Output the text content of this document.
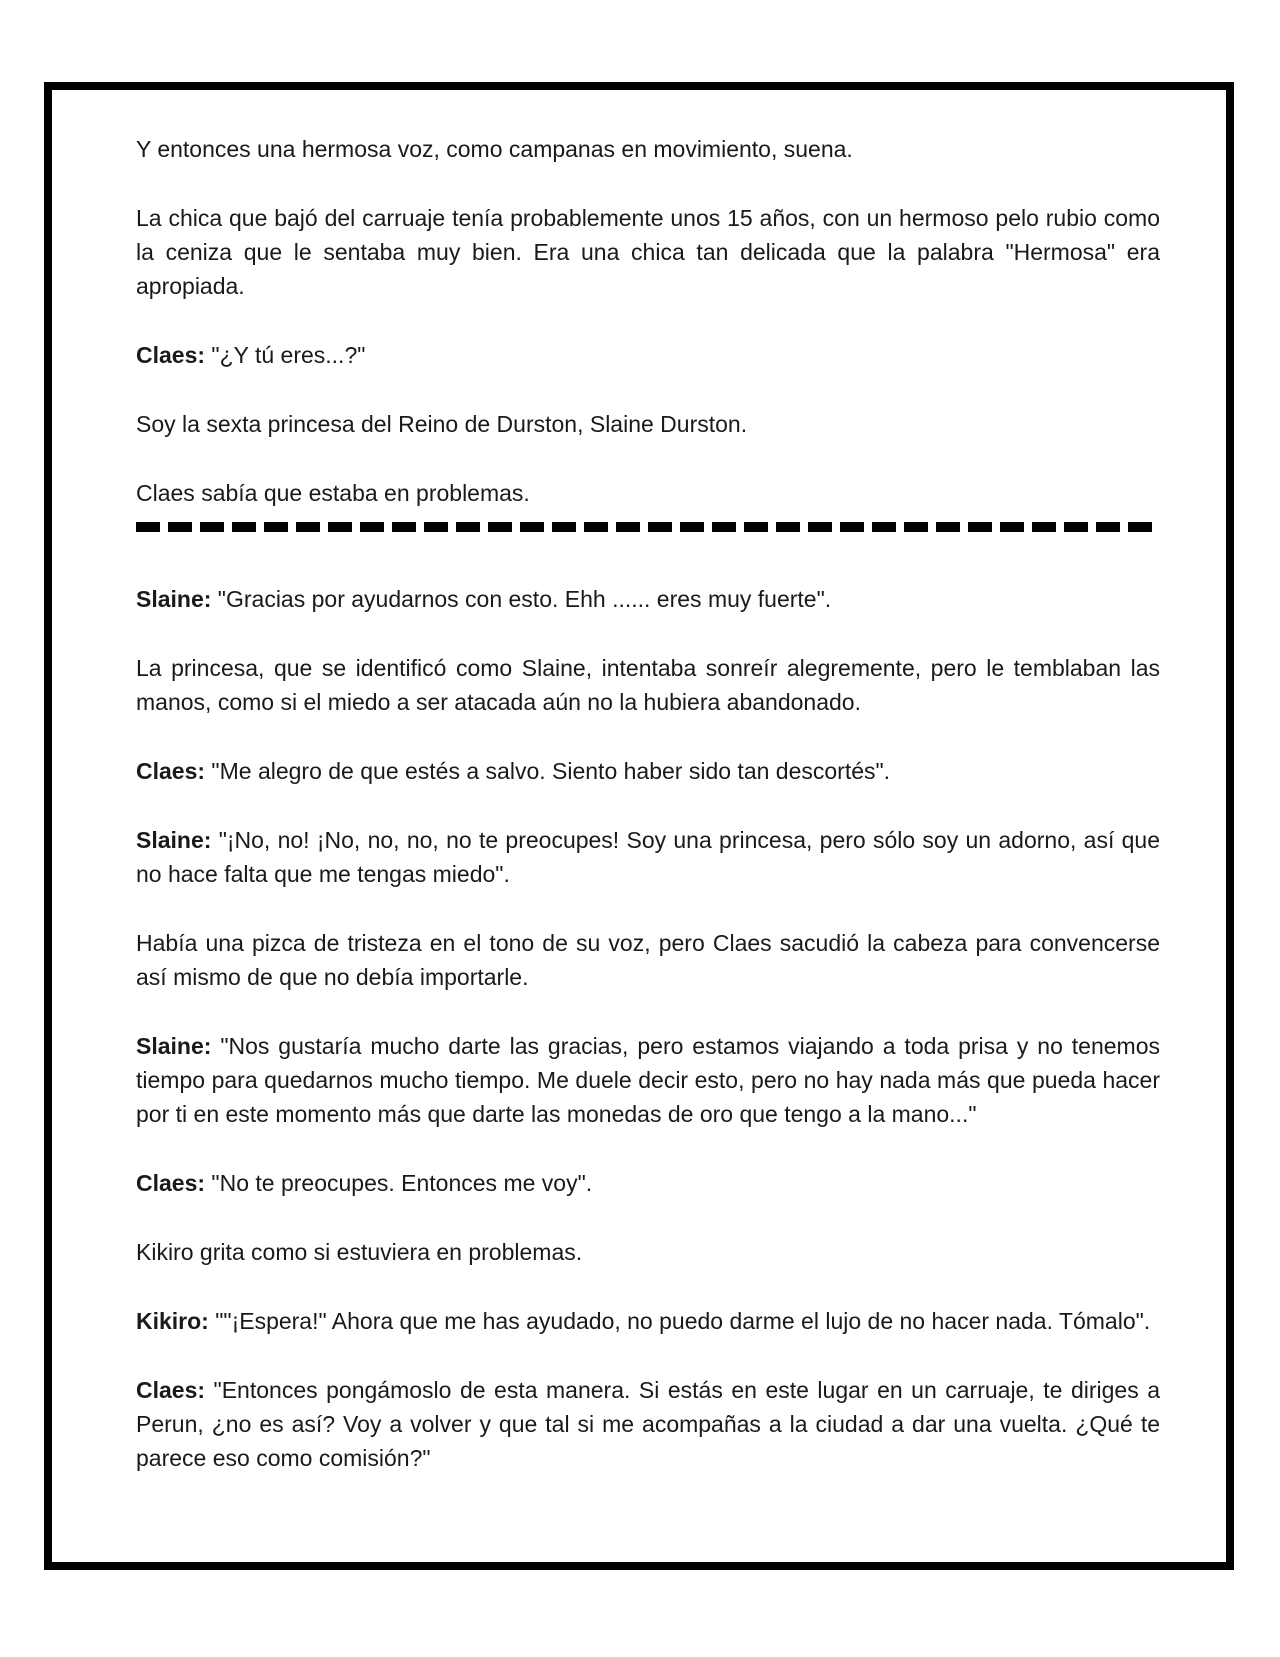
Y entonces una hermosa voz, como campanas en movimiento, suena.

La chica que bajó del carruaje tenía probablemente unos 15 años, con un hermoso pelo rubio como la ceniza que le sentaba muy bien. Era una chica tan delicada que la palabra "Hermosa" era apropiada.

Claes: "¿Y tú eres...?"

Soy la sexta princesa del Reino de Durston, Slaine Durston.

Claes sabía que estaba en problemas.

Slaine: "Gracias por ayudarnos con esto. Ehh ...... eres muy fuerte".

La princesa, que se identificó como Slaine, intentaba sonreír alegremente, pero le temblaban las manos, como si el miedo a ser atacada aún no la hubiera abandonado.

Claes: "Me alegro de que estés a salvo. Siento haber sido tan descortés".

Slaine: "¡No, no! ¡No, no, no, no te preocupes! Soy una princesa, pero sólo soy un adorno, así que no hace falta que me tengas miedo".

Había una pizca de tristeza en el tono de su voz, pero Claes sacudió la cabeza para convencerse así mismo de que no debía importarle.

Slaine: "Nos gustaría mucho darte las gracias, pero estamos viajando a toda prisa y no tenemos tiempo para quedarnos mucho tiempo. Me duele decir esto, pero no hay nada más que pueda hacer por ti en este momento más que darte las monedas de oro que tengo a la mano..."

Claes: "No te preocupes. Entonces me voy".

Kikiro grita como si estuviera en problemas.

Kikiro: ""¡Espera!" Ahora que me has ayudado, no puedo darme el lujo de no hacer nada. Tómalo".

Claes: "Entonces pongámoslo de esta manera. Si estás en este lugar en un carruaje, te diriges a Perun, ¿no es así? Voy a volver y que tal si me acompañas a la ciudad a dar una vuelta. ¿Qué te parece eso como comisión?"
